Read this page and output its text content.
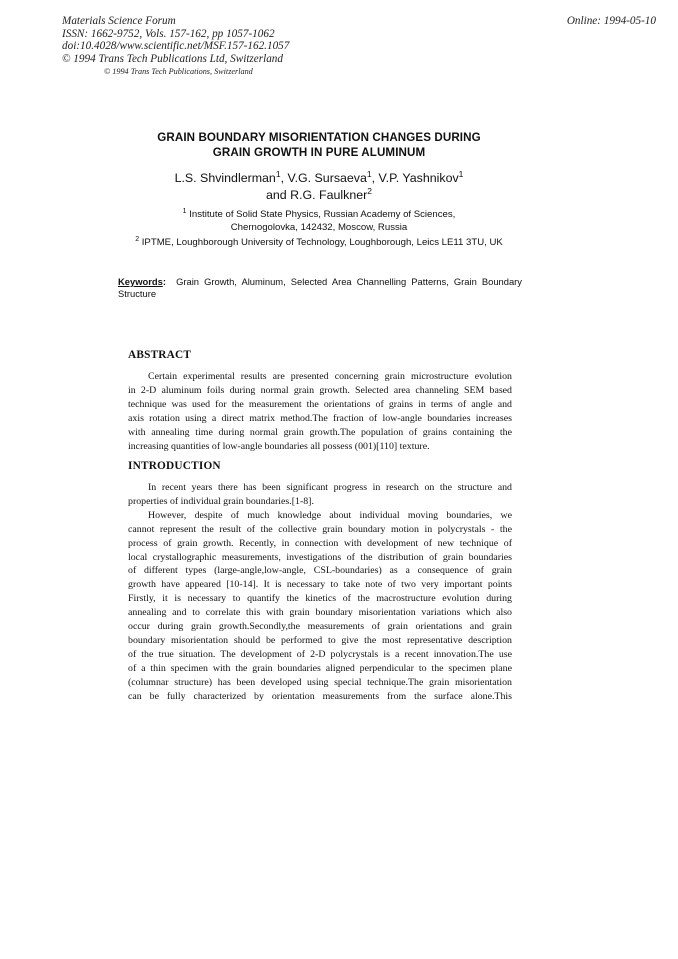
Materials Science Forum
ISSN: 1662-9752, Vols. 157-162, pp 1057-1062
doi:10.4028/www.scientific.net/MSF.157-162.1057
© 1994 Trans Tech Publications Ltd, Switzerland
Online: 1994-05-10
© 1994 Trans Tech Publications, Switzerland
GRAIN BOUNDARY MISORIENTATION CHANGES DURING
GRAIN GROWTH IN PURE ALUMINUM
L.S. Shvindlerman$^1$, V.G. Sursaeva$^1$, V.P. Yashnikov$^1$
and R.G. Faulkner$^2$
$^1$ Institute of Solid State Physics, Russian Academy of Sciences,
Chernogolovka, 142432, Moscow, Russia
$^2$ IPTME, Loughborough University of Technology, Loughborough, Leics LE11 3TU, UK
Keywords: Grain Growth, Aluminum, Selected Area Channelling Patterns, Grain Boundary Structure
ABSTRACT
Certain experimental results are presented concerning grain microstructure evolution
in 2-D aluminum foils during normal grain growth. Selected area channeling SEM based
technique was used for the measurement the orientations of grains in terms of angle and
axis rotation using a direct matrix method.The fraction of low-angle boundaries increases
with annealing time during normal grain growth.The population of grains containing the
increasing quantities of low-angle boundaries all possess (001)[110] texture.
INTRODUCTION
In recent years there has been significant progress in research on the structure and
properties of individual grain boundaries.[1-8].
However, despite of much knowledge about individual moving boundaries, we
cannot represent the result of the collective grain boundary motion in polycrystals - the
process of grain growth. Recently, in connection with development of new technique of
local crystallographic measurements, investigations of the distribution of grain boundaries
of different types (large-angle,low-angle, CSL-boundaries) as a consequence of grain
growth have appeared [10-14]. It is necessary to take note of two very important points
Firstly, it is necessary to quantify the kinetics of the macrostructure evolution during
annealing and to correlate this with grain boundary misorientation variations which also
occur during grain growth.Secondly,the measurements of grain orientations and grain
boundary misorientation should be performed to give the most representative description
of the true situation. The development of 2-D polycrystals is a recent innovation.The use
of a thin specimen with the grain boundaries aligned perpendicular to the specimen plane
(columnar structure) has been developed using special technique.The grain misorientation
can be fully characterized by orientation measurements from the surface alone.This
